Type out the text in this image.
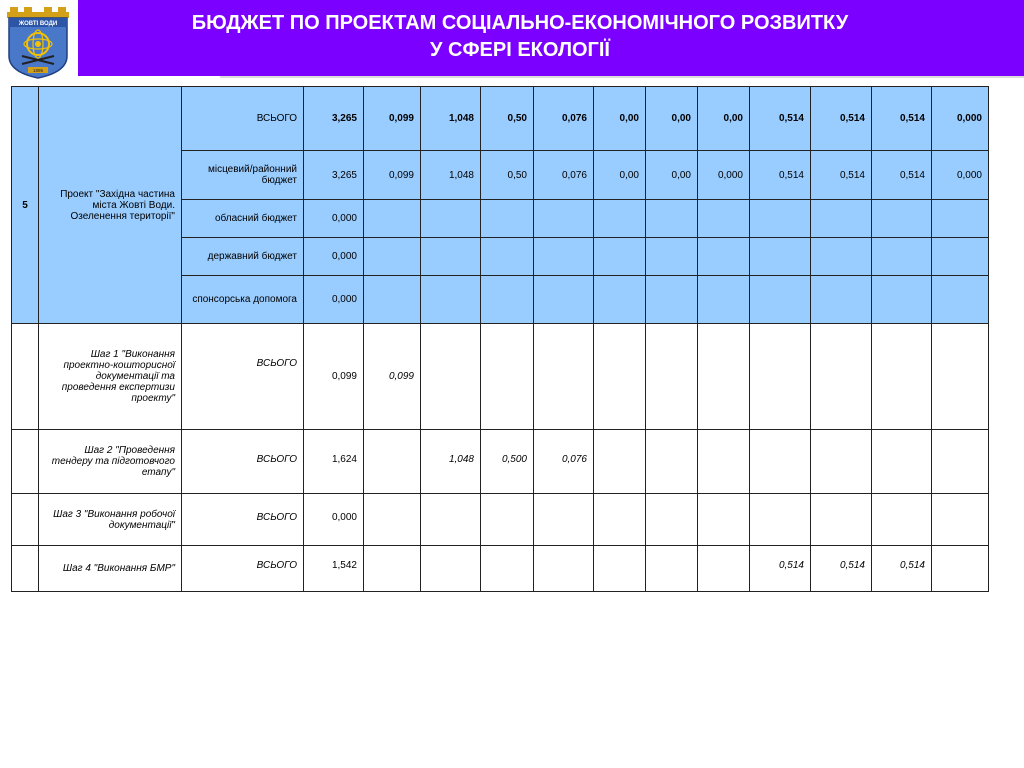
ЖОВТІ ВОДИ
1895
БЮДЖЕТ ПО ПРОЕКТАМ СОЦІАЛЬНО-ЕКОНОМІЧНОГО РОЗВИТКУ
У СФЕРІ ЕКОЛОГІЇ
5	Проект "Західна частина міста Жовті Води. Озеленення території"	ВСЬОГО	3,265	0,099	1,048	0,50	0,076	0,00	0,00	0,00	0,514	0,514	0,514	0,000
		місцевий/районний бюджет	3,265	0,099	1,048	0,50	0,076	0,00	0,00	0,000	0,514	0,514	0,514	0,000
		обласний бюджет	0,000											
		державний бюджет	0,000											
		спонсорська допомога	0,000											
	Шаг 1 "Виконання проектно-кошторисної документації та проведення експертизи проекту"	ВСЬОГО	0,099	0,099										
	Шаг 2 "Проведення тендеру та підготовчого етапу"	ВСЬОГО	1,624		1,048	0,500	0,076							
	Шаг 3 "Виконання робочої документації"	ВСЬОГО	0,000											
	Шаг 4 "Виконання БМР"	ВСЬОГО	1,542								0,514	0,514	0,514	
